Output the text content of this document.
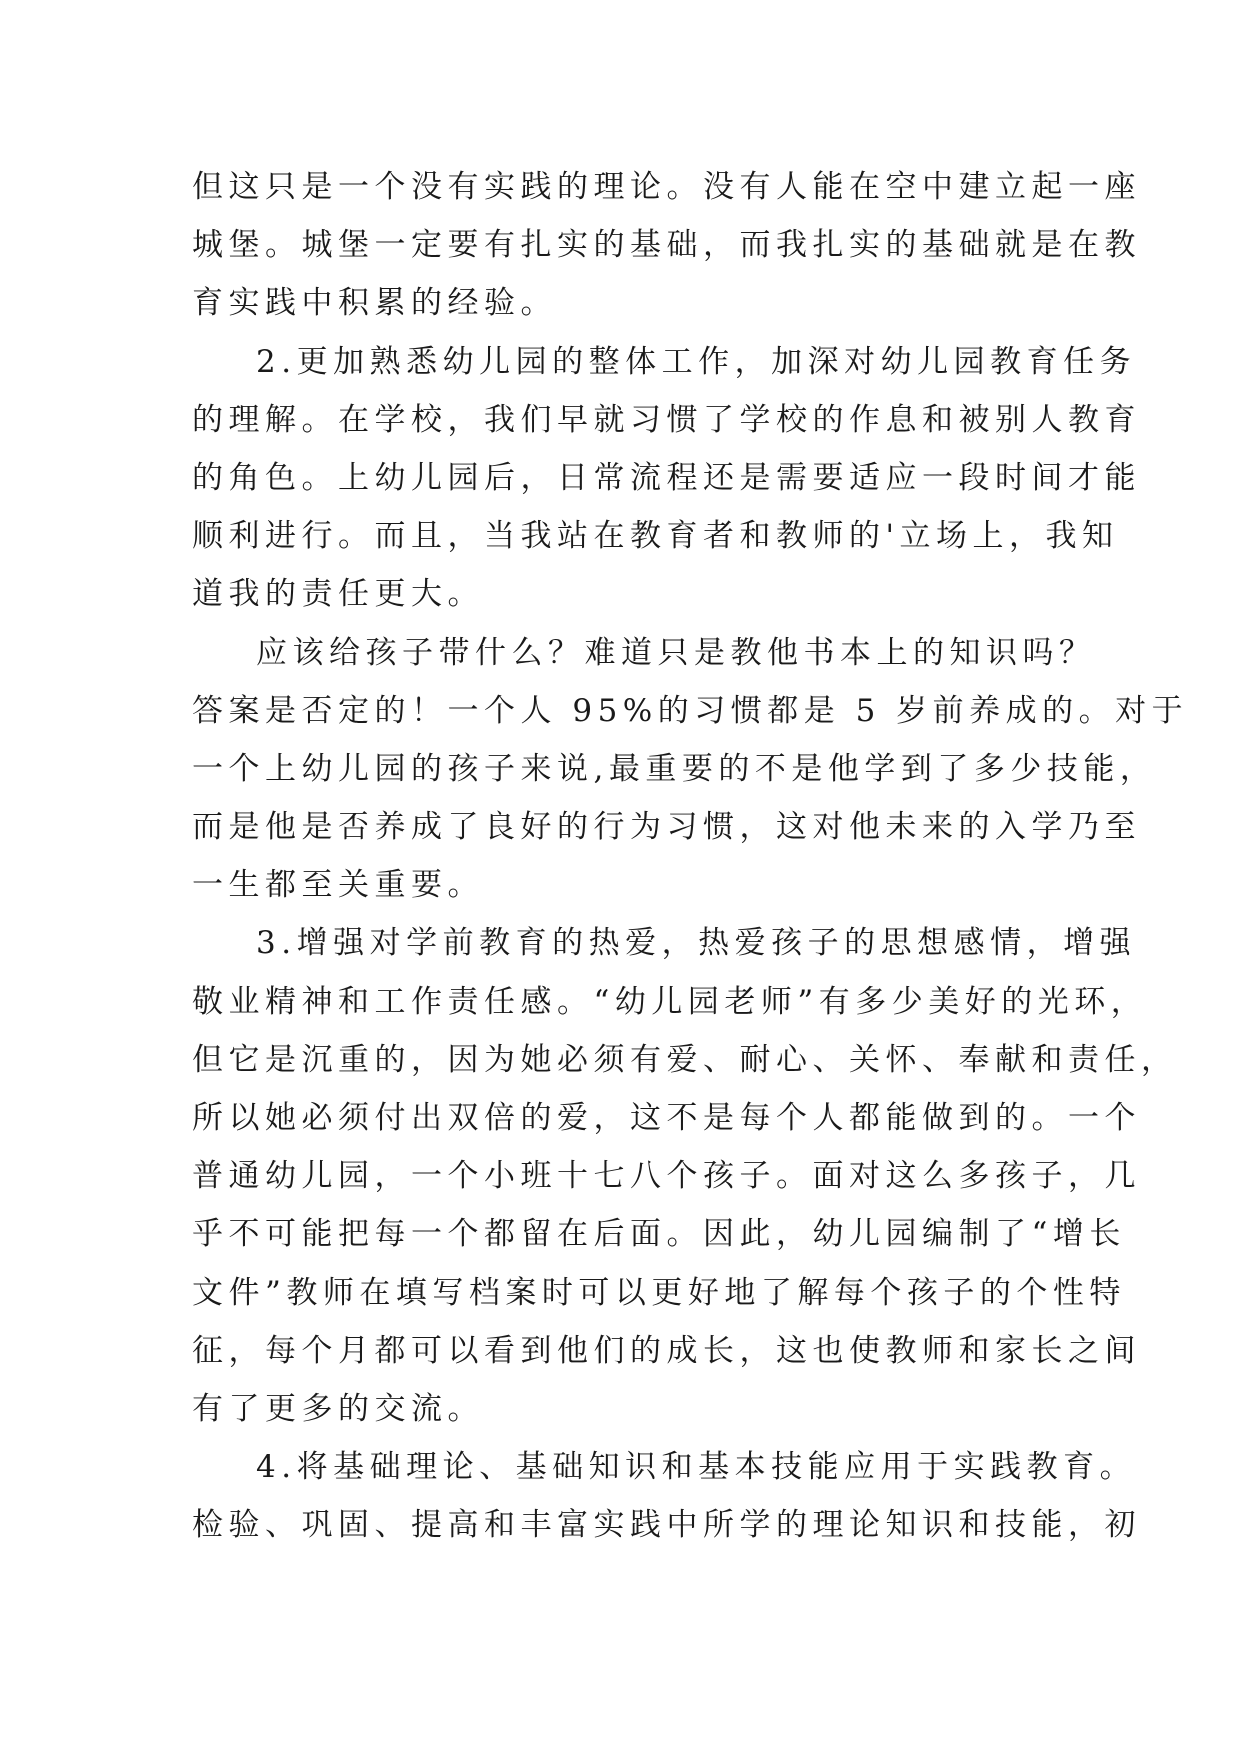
但这只是一个没有实践的理论。没有人能在空中建立起一座
城堡。城堡一定要有扎实的基础，而我扎实的基础就是在教
育实践中积累的经验。
2.更加熟悉幼儿园的整体工作，加深对幼儿园教育任务
的理解。在学校，我们早就习惯了学校的作息和被别人教育
的角色。上幼儿园后，日常流程还是需要适应一段时间才能
顺利进行。而且，当我站在教育者和教师的'立场上，我知
道我的责任更大。
应该给孩子带什么？难道只是教他书本上的知识吗？
答案是否定的！一个人 95%的习惯都是 5 岁前养成的。对于
一个上幼儿园的孩子来说,最重要的不是他学到了多少技能，
而是他是否养成了良好的行为习惯，这对他未来的入学乃至
一生都至关重要。
3.增强对学前教育的热爱，热爱孩子的思想感情，增强
敬业精神和工作责任感。“幼儿园老师”有多少美好的光环，
但它是沉重的，因为她必须有爱、耐心、关怀、奉献和责任，
所以她必须付出双倍的爱，这不是每个人都能做到的。一个
普通幼儿园，一个小班十七八个孩子。面对这么多孩子，几
乎不可能把每一个都留在后面。因此，幼儿园编制了“增长
文件”教师在填写档案时可以更好地了解每个孩子的个性特
征，每个月都可以看到他们的成长，这也使教师和家长之间
有了更多的交流。
4.将基础理论、基础知识和基本技能应用于实践教育。
检验、巩固、提高和丰富实践中所学的理论知识和技能，初
